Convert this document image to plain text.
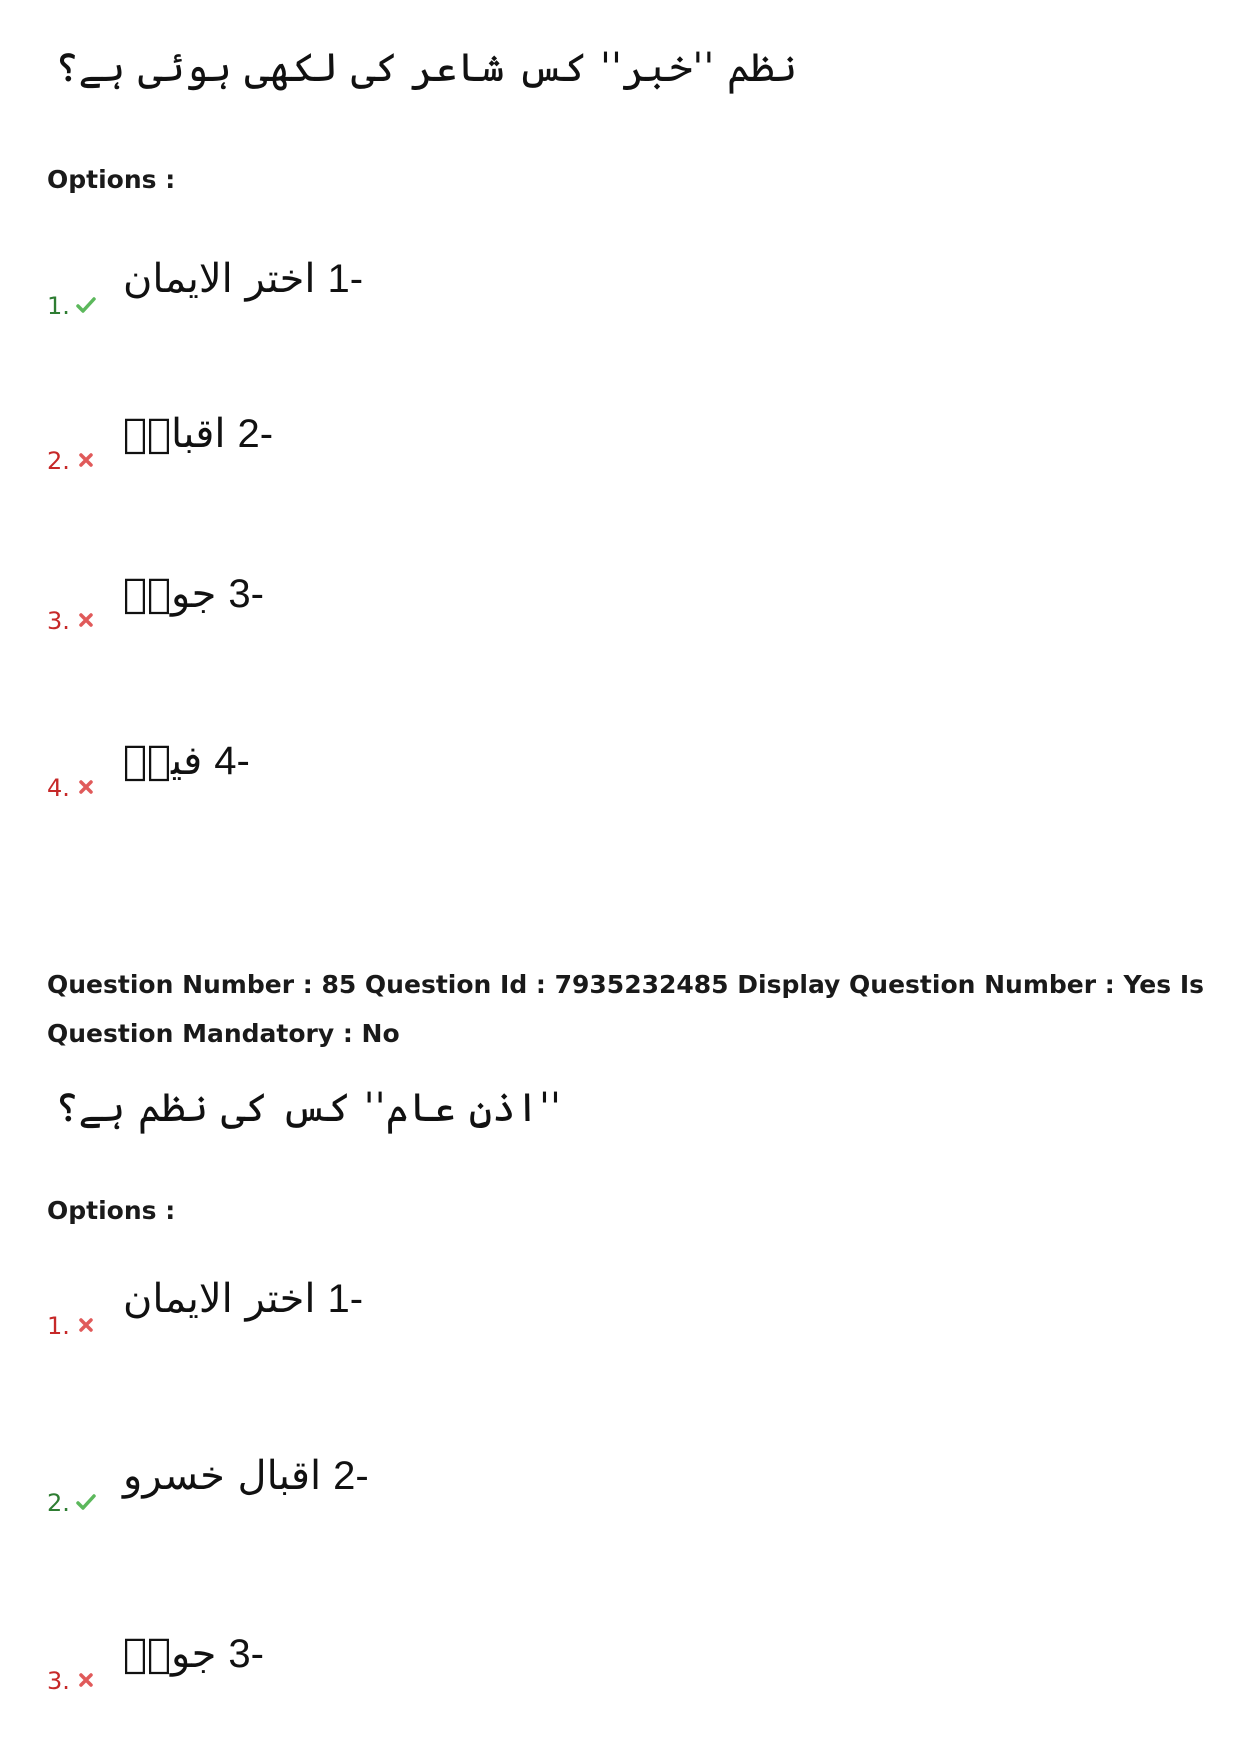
نظم ''خبر'' کس شاعر کی لکھی ہوئی ہے؟
Options :
اختر الایمان 1-
1.
اقبالؔ 2-
2.
جوشؔ 3-
3.
فیضؔ 4-
4.
Question Number : 85 Question Id : 7935232485 Display Question Number : Yes Is Question Mandatory : No
''اذنِ عام'' کس کی نظم ہے؟
Options :
اختر الایمان 1-
1.
اقبال خسرو 2-
2.
جوشؔ 3-
3.
